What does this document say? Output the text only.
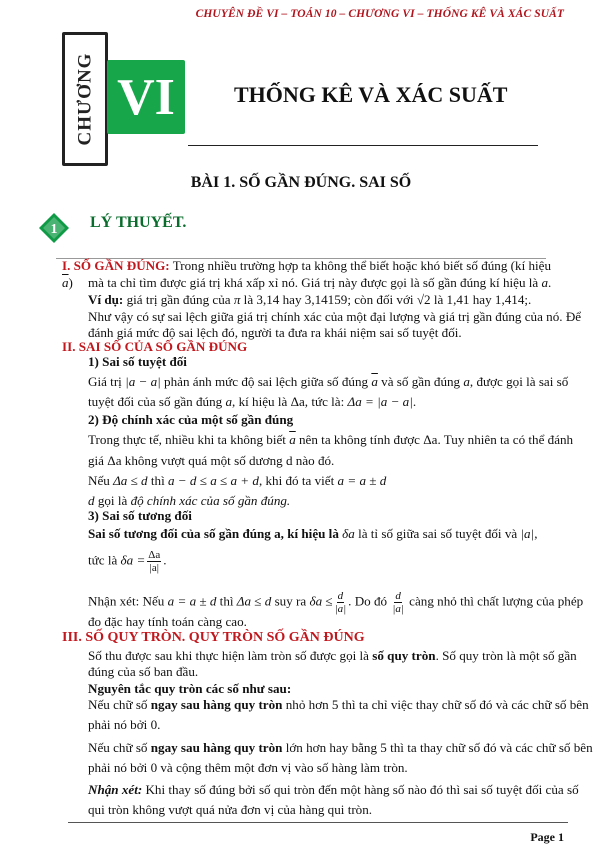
CHUYÊN ĐỀ VI – TOÁN 10 – CHƯƠNG VI – THỐNG KÊ VÀ XÁC SUẤT
CHƯƠNG VI	THỐNG KÊ VÀ XÁC SUẤT
BÀI 1. SỐ GẦN ĐÚNG. SAI SỐ
1 LÝ THUYẾT.
I. SỐ GẦN ĐÚNG: Trong nhiều trường hợp ta không thể biết hoặc khó biết số đúng (kí hiệu $\overline{a}$)	mà ta chỉ tìm được giá trị khá xấp xỉ nó. Giá trị này được gọi là số gần đúng kí hiệu là a.
Ví dụ: giá trị gần đúng của π là 3,14 hay 3,14159; còn đối với √2 là 1,41 hay 1,414;.
Như vậy có sự sai lệch giữa giá trị chính xác của một đại lượng và giá trị gần đúng của nó. Để
đánh giá mức độ sai lệch đó, người ta đưa ra khái niệm sai số tuyệt đối.
II. SAI SỐ CỦA SỐ GẦN ĐÚNG
1) Sai số tuyệt đối
Giá trị |a − a| phản ánh mức độ sai lệch giữa số đúng $\overline{a}$ và số gần đúng a, được gọi là sai số
tuyệt đối của số gần đúng a, kí hiệu là Δa, tức là: Δa = |a − a|.
2) Độ chính xác của một số gần đúng
Trong thực tế, nhiều khi ta không biết $\overline{a}$ nên ta không tính được Δa. Tuy nhiên ta có thể đánh
giá Δa không vượt quá một số dương d nào đó.
Nếu Δa ≤ d thì a − d ≤ a ≤ a + d, khi đó ta viết a = a ± d
d gọi là độ chính xác của số gần đúng.
3) Sai số tương đối
Sai số tương đối của số gần đúng a, kí hiệu là δa là tỉ số giữa sai số tuyệt đối và |a|,
tức là $\delta a = \frac{\Delta a}{|a|}$ .
Nhận xét: Nếu a = a ± d thì Δa ≤ d suy ra $\delta a \le \frac{d}{|a|}$ . Do đó $\frac{d}{|a|}$ càng nhỏ thì chất lượng của phép
đo đặc hay tính toán càng cao.
III. SỐ QUY TRÒN. QUY TRÒN SỐ GẦN ĐÚNG
Số thu được sau khi thực hiện làm tròn số được gọi là số quy tròn. Số quy tròn là một số gần
đúng của số ban đầu.
Nguyên tắc quy tròn các số như sau:
Nếu chữ số ngay sau hàng quy tròn nhỏ hơn 5 thì ta chỉ việc thay chữ số đó và các chữ số bên
phải nó bởi 0.
Nếu chữ số ngay sau hàng quy tròn lớn hơn hay bằng 5 thì ta thay chữ số đó và các chữ số bên
phải nó bởi 0 và cộng thêm một đơn vị vào số hàng làm tròn.
Nhận xét: Khi thay số đúng bởi số qui tròn đến một hàng số nào đó thì sai số tuyệt đối của số
qui tròn không vượt quá nửa đơn vị của hàng qui tròn.
Page 1
